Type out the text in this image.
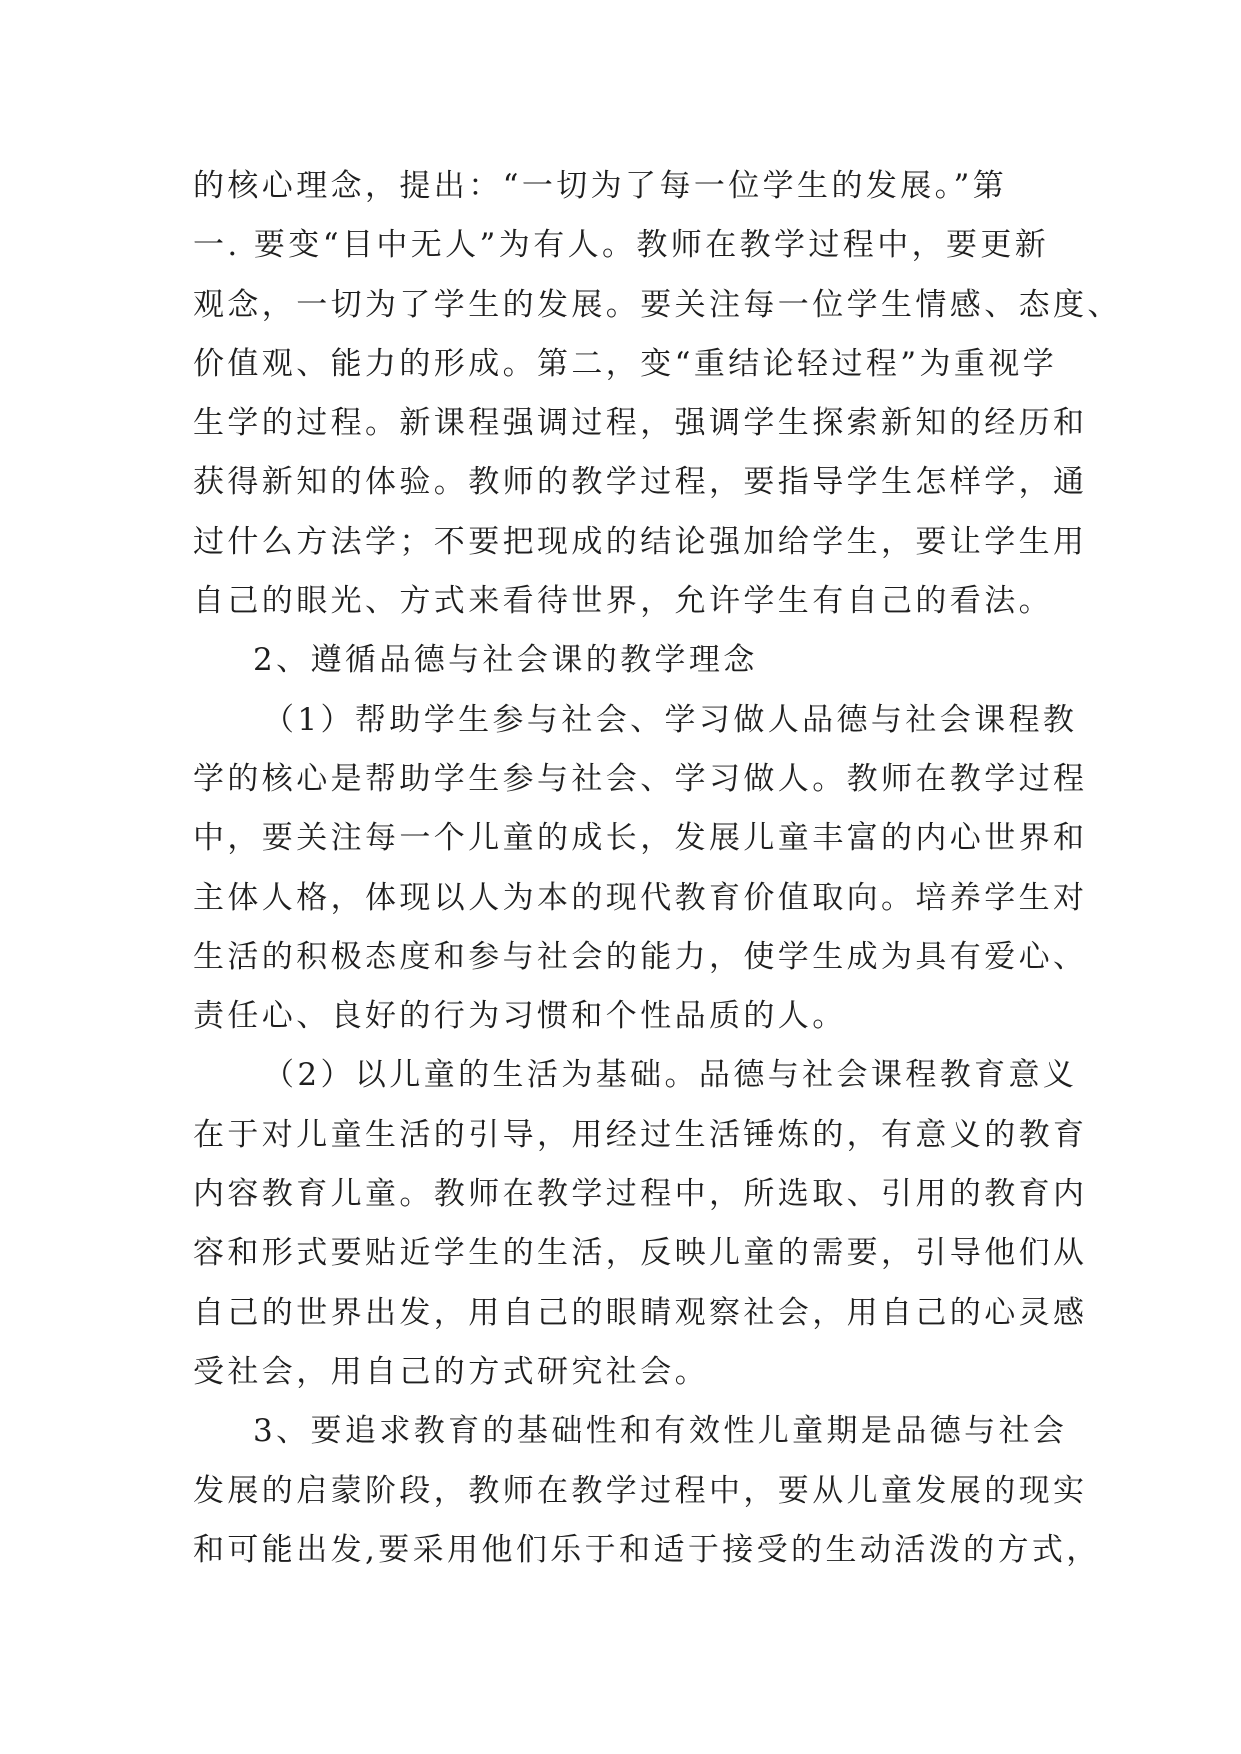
的核心理念，提出：“一切为了每一位学生的发展。”第
一. 要变“目中无人”为有人。教师在教学过程中，要更新
观念，一切为了学生的发展。要关注每一位学生情感、态度、
价值观、能力的形成。第二，变“重结论轻过程”为重视学
生学的过程。新课程强调过程，强调学生探索新知的经历和
获得新知的体验。教师的教学过程，要指导学生怎样学，通
过什么方法学；不要把现成的结论强加给学生，要让学生用
自己的眼光、方式来看待世界，允许学生有自己的看法。

2、遵循品德与社会课的教学理念

（1）帮助学生参与社会、学习做人品德与社会课程教
学的核心是帮助学生参与社会、学习做人。教师在教学过程
中，要关注每一个儿童的成长，发展儿童丰富的内心世界和
主体人格，体现以人为本的现代教育价值取向。培养学生对
生活的积极态度和参与社会的能力，使学生成为具有爱心、
责任心、良好的行为习惯和个性品质的人。

（2）以儿童的生活为基础。品德与社会课程教育意义
在于对儿童生活的引导，用经过生活锤炼的，有意义的教育
内容教育儿童。教师在教学过程中，所选取、引用的教育内
容和形式要贴近学生的生活，反映儿童的需要，引导他们从
自己的世界出发，用自己的眼睛观察社会，用自己的心灵感
受社会，用自己的方式研究社会。

3、要追求教育的基础性和有效性儿童期是品德与社会
发展的启蒙阶段，教师在教学过程中，要从儿童发展的现实
和可能出发,要采用他们乐于和适于接受的生动活泼的方式，
